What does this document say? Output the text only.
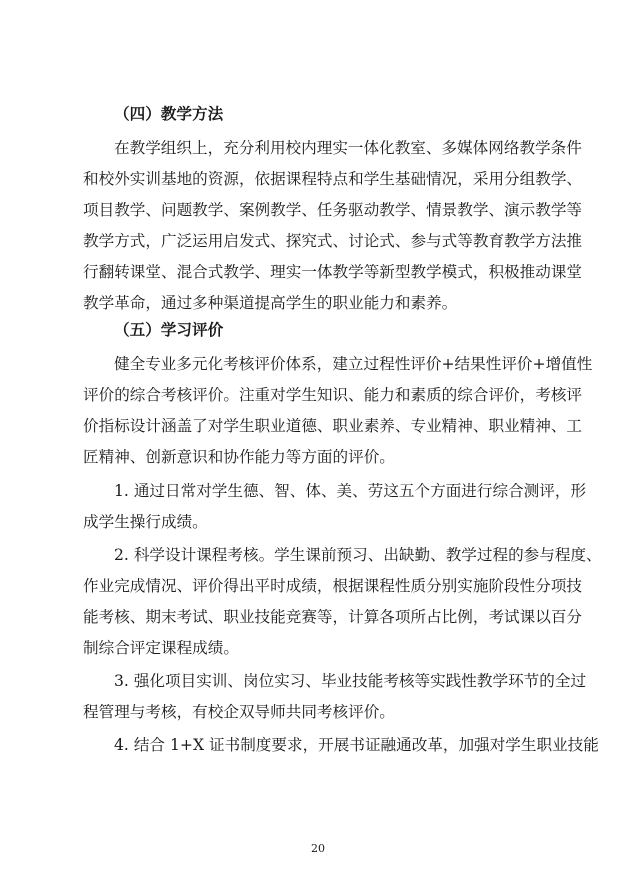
（四）教学方法
在教学组织上，充分利用校内理实一体化教室、多媒体网络教学条件
和校外实训基地的资源，依据课程特点和学生基础情况，采用分组教学、
项目教学、问题教学、案例教学、任务驱动教学、情景教学、演示教学等
教学方式，广泛运用启发式、探究式、讨论式、参与式等教育教学方法推
行翻转课堂、混合式教学、理实一体教学等新型教学模式，积极推动课堂
教学革命，通过多种渠道提高学生的职业能力和素养。
（五）学习评价
健全专业多元化考核评价体系，建立过程性评价+结果性评价+增值性
评价的综合考核评价。注重对学生知识、能力和素质的综合评价，考核评
价指标设计涵盖了对学生职业道德、职业素养、专业精神、职业精神、工
匠精神、创新意识和协作能力等方面的评价。
1. 通过日常对学生德、智、体、美、劳这五个方面进行综合测评，形
成学生操行成绩。
2. 科学设计课程考核。学生课前预习、出缺勤、教学过程的参与程度、
作业完成情况、评价得出平时成绩，根据课程性质分别实施阶段性分项技
能考核、期末考试、职业技能竞赛等，计算各项所占比例，考试课以百分
制综合评定课程成绩。
3. 强化项目实训、岗位实习、毕业技能考核等实践性教学环节的全过
程管理与考核，有校企双导师共同考核评价。
4. 结合 1+X 证书制度要求，开展书证融通改革，加强对学生职业技能
20
